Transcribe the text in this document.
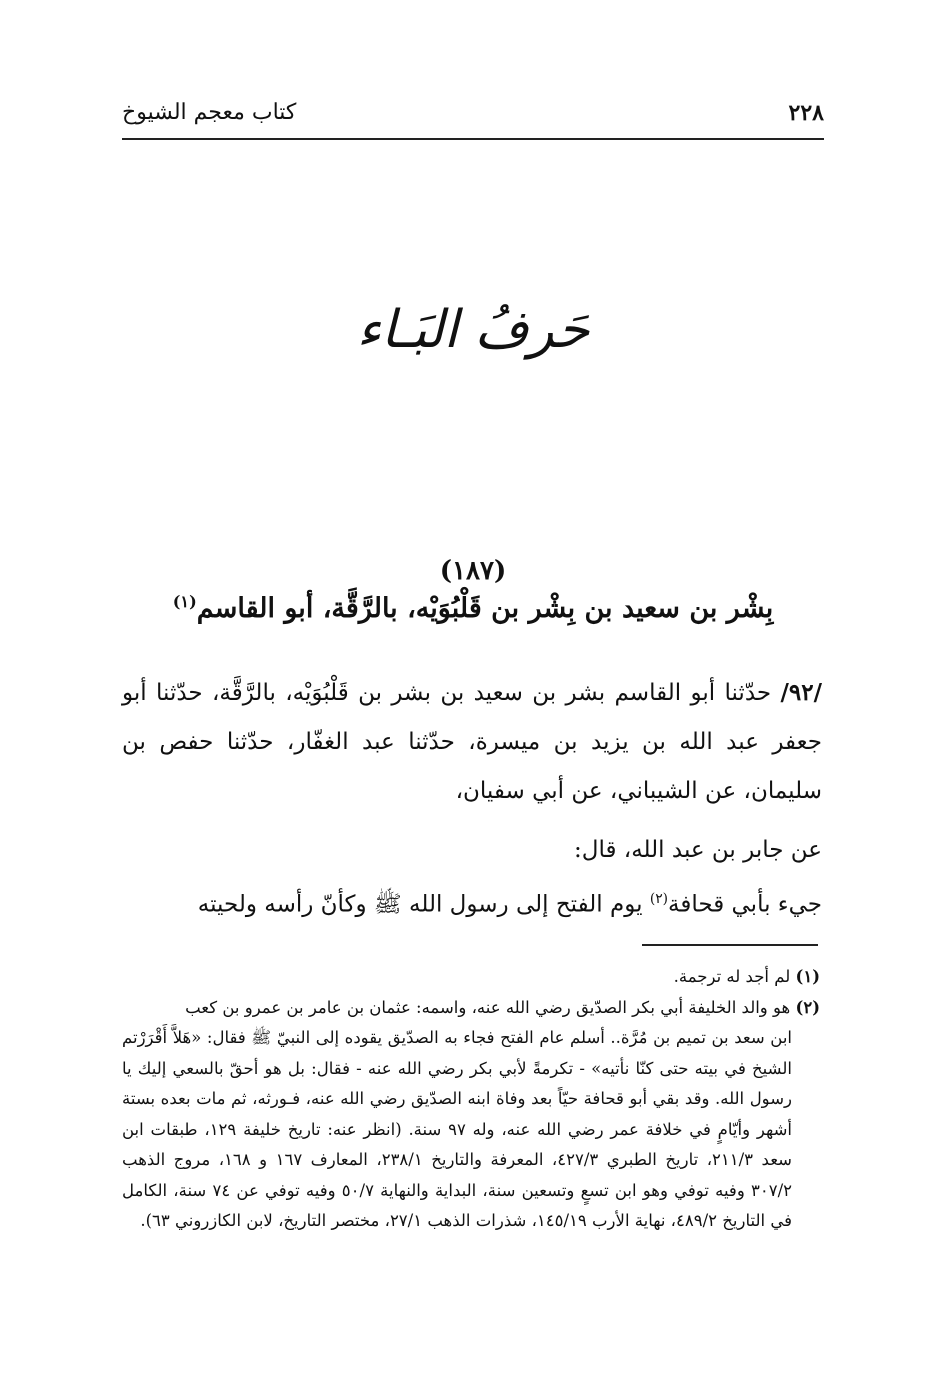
٢٢٨
كتاب معجم الشيوخ
حَرفُ البَـاء
(١٨٧)
بِشْر بن سعيد بن بِشْر بن قَلْبُوَيْه، بالرَّقَّة، أبو القاسم$^{(١)}$

/٩٢/ حدّثنا أبو القاسم بشر بن سعيد بن بشر بن قَلْبُوَيْه، بالرَّقَّة، حدّثنا أبو جعفر عبد الله بن يزيد بن ميسرة، حدّثنا عبد الغفّار، حدّثنا حفص بن سليمان، عن الشيباني، عن أبي سفيان،

عن جابر بن عبد الله، قال:

جيء بأبي قحافة$^{(٢)}$ يوم الفتح إلى رسول الله ﷺ وكأنّ رأسه ولحيته

(١) لم أجد له ترجمة.

(٢) هو والد الخليفة أبي بكر الصدّيق رضي الله عنه، واسمه: عثمان بن عامر بن عمرو بن كعب

ابن سعد بن تميم بن مُرَّة.. أسلم عام الفتح فجاء به الصدّيق يقوده إلى النبيّ ﷺ فقال: «هَلاَّ أَقْرَرْتم الشيخ في بيته حتى كنّا نأتيه» - تكرمةً لأبي بكر رضي الله عنه - فقال: بل هو أحقّ بالسعي إليك يا رسول الله. وقد بقي أبو قحافة حيّاً بعد وفاة ابنه الصدّيق رضي الله عنه، فـورثه، ثم مات بعده بستة أشهر وأيّامٍ في خلافة عمر رضي الله عنه، وله ٩٧ سنة. (انظر عنه: تاريخ خليفة ١٢٩، طبقات ابن سعد ٢١١/٣، تاريخ الطبري ٤٢٧/٣، المعرفة والتاريخ ٢٣٨/١، المعارف ١٦٧ و ١٦٨، مروج الذهب ٣٠٧/٢ وفيه توفي وهو ابن تسعٍ وتسعين سنة، البداية والنهاية ٥٠/٧ وفيه توفي عن ٧٤ سنة، الكامل في التاريخ ٤٨٩/٢، نهاية الأرب ١٤٥/١٩، شذرات الذهب ٢٧/١، مختصر التاريخ، لابن الكازروني ٦٣).
